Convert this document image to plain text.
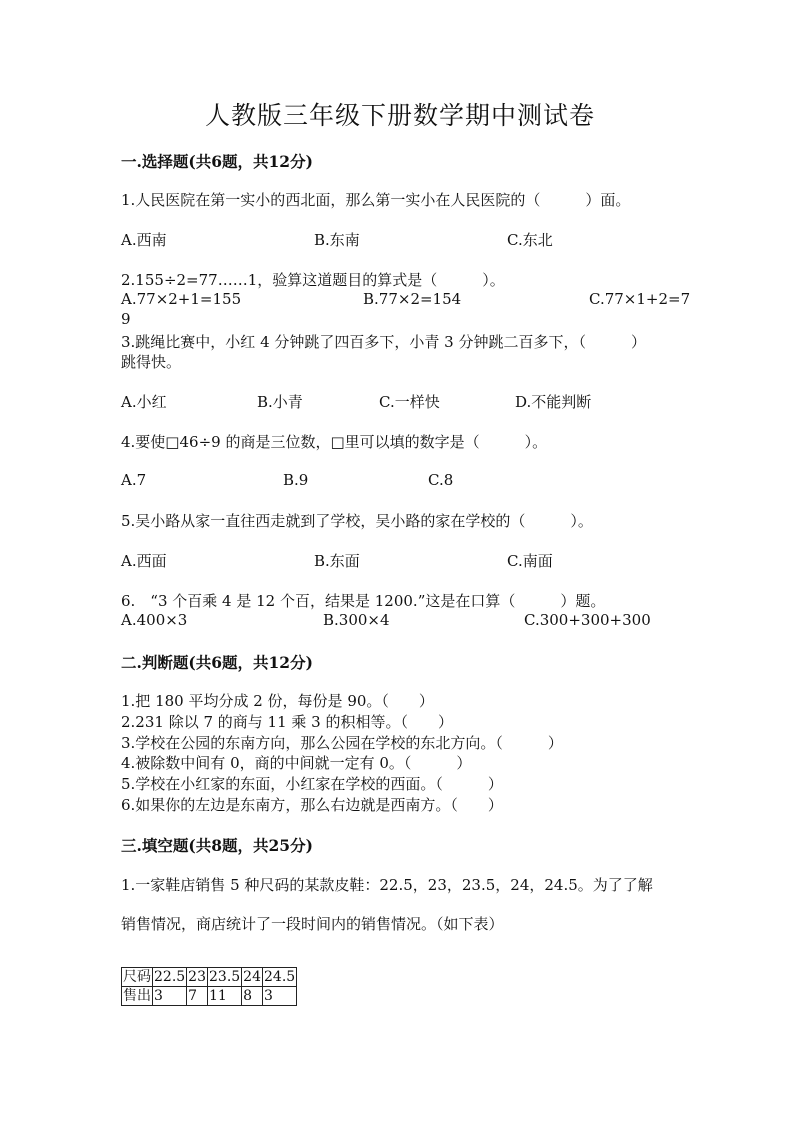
人教版三年级下册数学期中测试卷
一.选择题(共6题，共12分)
1.人民医院在第一实小的西北面，那么第一实小在人民医院的（　　　）面。
A.西南	B.东南	C.东北
2.155÷2=77……1，验算这道题目的算式是（　　　）。
A.77×2+1=155	B.77×2=154	C.77×1+2=7
9
3.跳绳比赛中，小红 4 分钟跳了四百多下，小青 3 分钟跳二百多下，（　　　）
跳得快。
A.小红	B.小青	C.一样快	D.不能判断
4.要使□46÷9 的商是三位数，□里可以填的数字是（　　　）。
A.7	B.9	C.8
5.吴小路从家一直往西走就到了学校，吴小路的家在学校的（　　　）。
A.西面	B.东面	C.南面
6.　“3 个百乘 4 是 12 个百，结果是 1200.”这是在口算（　　　）题。
A.400×3	B.300×4	C.300+300+300
二.判断题(共6题，共12分)
1.把 180 平均分成 2 份，每份是 90。（　　）
2.231 除以 7 的商与 11 乘 3 的积相等。（　　）
3.学校在公园的东南方向，那么公园在学校的东北方向。（　　　）
4.被除数中间有 0，商的中间就一定有 0。（　　　）
5.学校在小红家的东面，小红家在学校的西面。（　　　）
6.如果你的左边是东南方，那么右边就是西南方。（　　）
三.填空题(共8题，共25分)
1.一家鞋店销售 5 种尺码的某款皮鞋：22.5，23，23.5，24，24.5。为了了解
销售情况，商店统计了一段时间内的销售情况。（如下表）
尺码	22.5	23	23.5	24	24.5
售出	3	7	11	8	3
